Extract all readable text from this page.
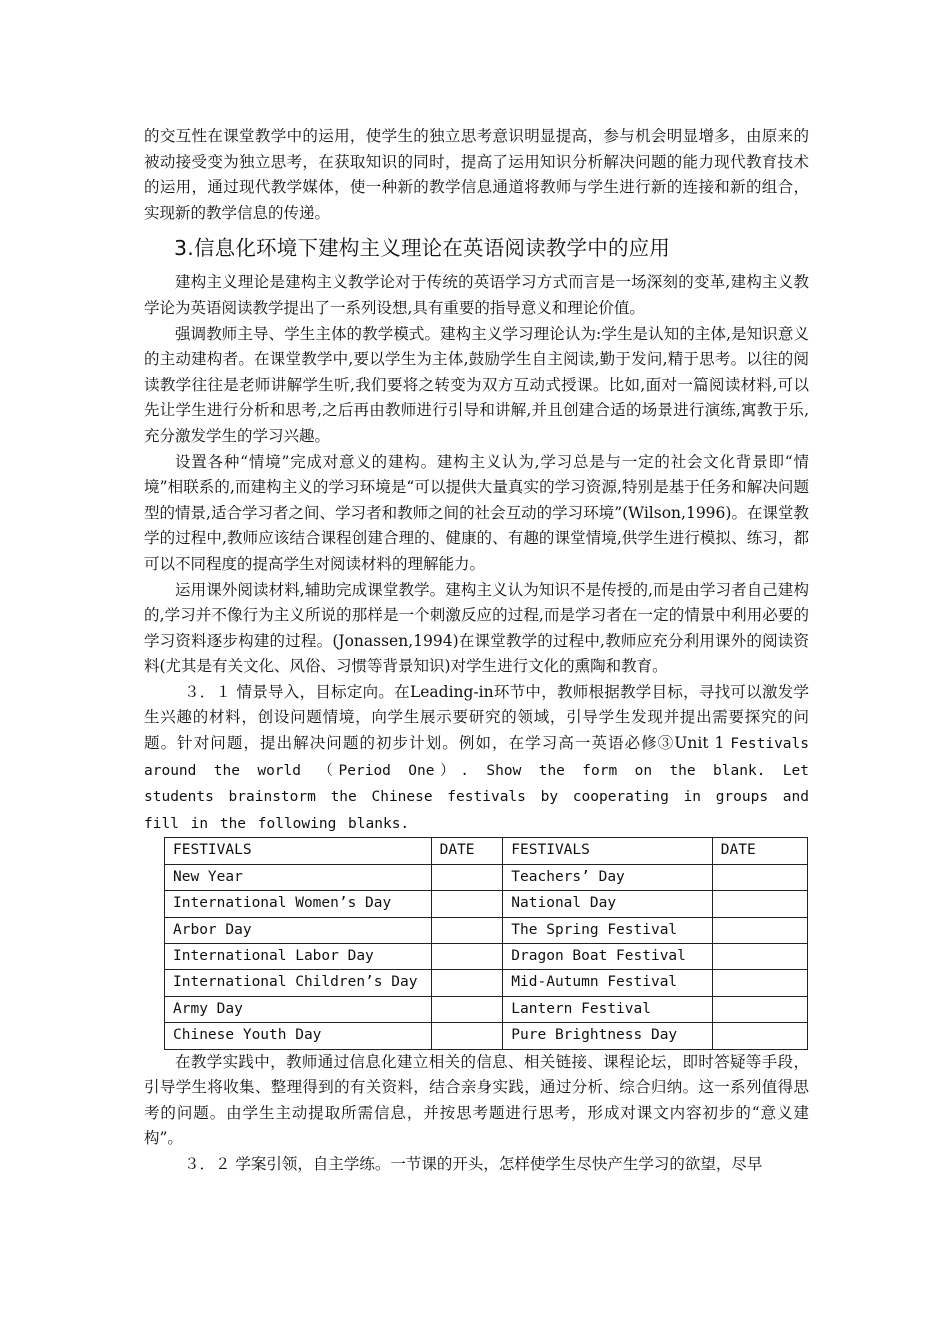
的交互性在课堂教学中的运用，使学生的独立思考意识明显提高，参与机会明显增多，由原来的被动接受变为独立思考，在获取知识的同时，提高了运用知识分析解决问题的能力现代教育技术的运用，通过现代教学媒体，使一种新的教学信息通道将教师与学生进行新的连接和新的组合，实现新的教学信息的传递。

3.信息化环境下建构主义理论在英语阅读教学中的应用

建构主义理论是建构主义教学论对于传统的英语学习方式而言是一场深刻的变革,建构主义教学论为英语阅读教学提出了一系列设想,具有重要的指导意义和理论价值。

强调教师主导、学生主体的教学模式。建构主义学习理论认为:学生是认知的主体,是知识意义的主动建构者。在课堂教学中,要以学生为主体,鼓励学生自主阅读,勤于发问,精于思考。以往的阅读教学往往是老师讲解学生听,我们要将之转变为双方互动式授课。比如,面对一篇阅读材料,可以先让学生进行分析和思考,之后再由教师进行引导和讲解,并且创建合适的场景进行演练,寓教于乐,充分激发学生的学习兴趣。

设置各种“情境”完成对意义的建构。建构主义认为,学习总是与一定的社会文化背景即“情境”相联系的,而建构主义的学习环境是“可以提供大量真实的学习资源,特别是基于任务和解决问题型的情景,适合学习者之间、学习者和教师之间的社会互动的学习环境”(Wilson,1996)。在课堂教学的过程中,教师应该结合课程创建合理的、健康的、有趣的课堂情境,供学生进行模拟、练习，都可以不同程度的提高学生对阅读材料的理解能力。

运用课外阅读材料,辅助完成课堂教学。建构主义认为知识不是传授的,而是由学习者自己建构的,学习并不像行为主义所说的那样是一个刺激反应的过程,而是学习者在一定的情景中利用必要的学习资料逐步构建的过程。(Jonassen,1994)在课堂教学的过程中,教师应充分利用课外的阅读资料(尤其是有关文化、风俗、习惯等背景知识)对学生进行文化的熏陶和教育。

３．１ 情景导入，目标定向。在Leading-in环节中，教师根据教学目标，寻找可以激发学生兴趣的材料，创设问题情境，向学生展示要研究的领域，引导学生发现并提出需要探究的问题。针对问题，提出解决问题的初步计划。例如，在学习高一英语必修③Unit 1 Festivals around the world （Period One）. Show the form on the blank. Let students brainstorm the Chinese festivals by cooperating in groups and fill in the following blanks.

FESTIVALS	DATE	FESTIVALS	DATE
New Year		Teachers’ Day	
International Women’s Day		National Day	
Arbor Day		The Spring Festival	
International Labor Day		Dragon Boat Festival	
International Children’s Day		Mid-Autumn Festival	
Army Day		Lantern Festival	
Chinese Youth Day		Pure Brightness Day	

在教学实践中，教师通过信息化建立相关的信息、相关链接、课程论坛，即时答疑等手段，引导学生将收集、整理得到的有关资料，结合亲身实践，通过分析、综合归纳。这一系列值得思考的问题。由学生主动提取所需信息，并按思考题进行思考，形成对课文内容初步的“意义建构”。

３．２ 学案引领，自主学练。一节课的开头，怎样使学生尽快产生学习的欲望，尽早
